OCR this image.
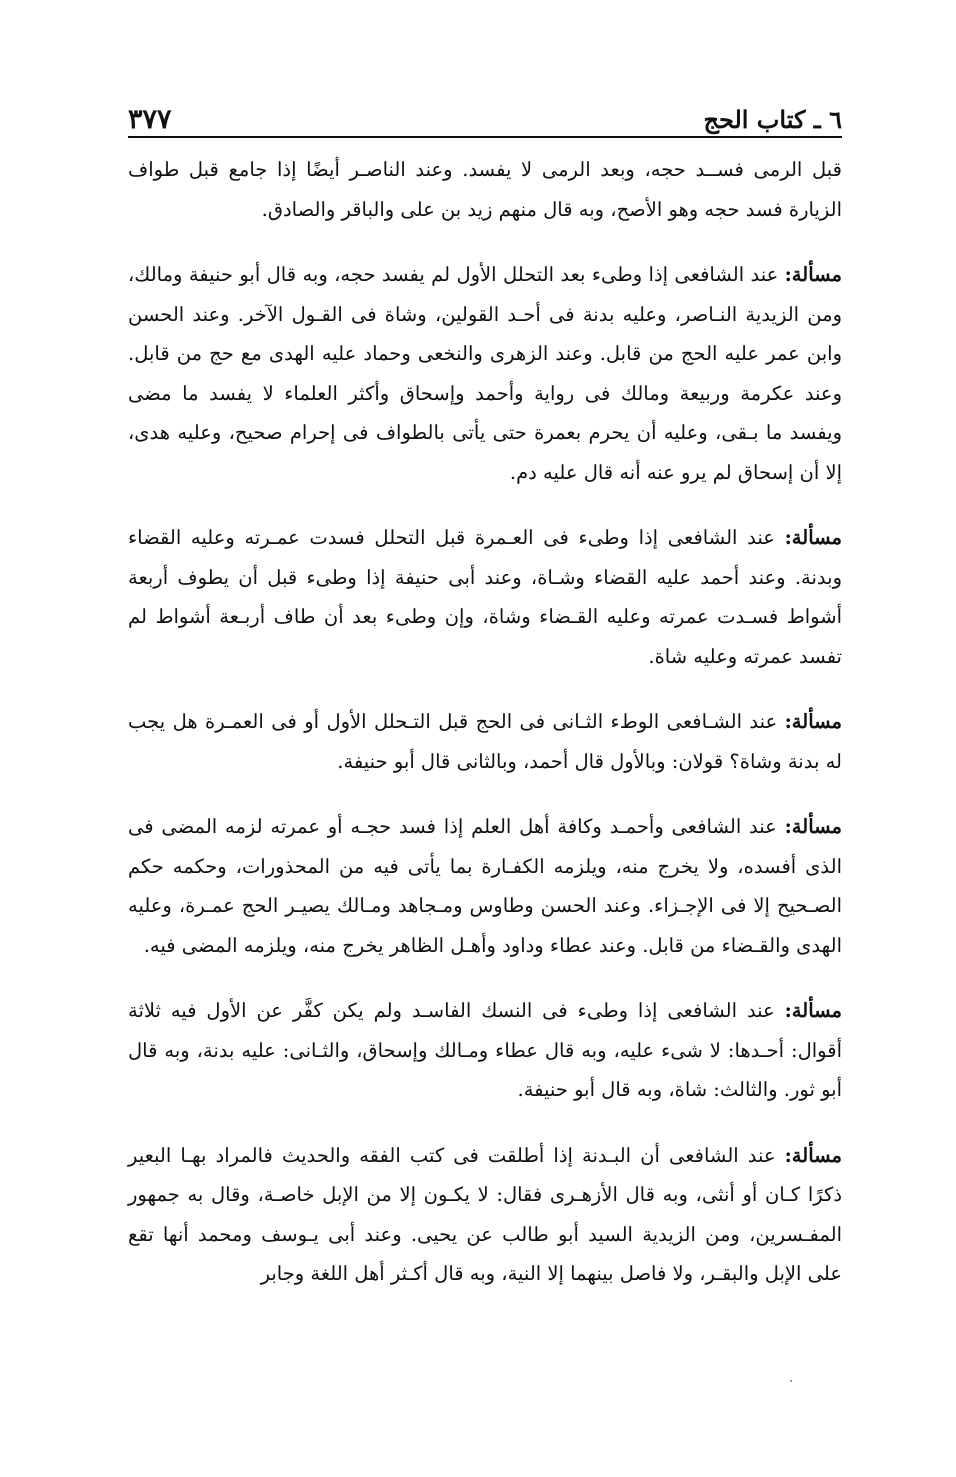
٦ ـ كتاب الحج
٣٧٧

قبل الرمى فســد حجه، وبعد الرمى لا يفسد. وعند الناصـر أيضًا إذا جامع قبل طواف الزيارة فسد حجه وهو الأصح، وبه قال منهم زيد بن على والباقر والصادق.

مسألة: عند الشافعى إذا وطىء بعد التحلل الأول لم يفسد حجه، وبه قال أبو حنيفة ومالك، ومن الزيدية النـاصر، وعليه بدنة فى أحـد القولين، وشاة فى القـول الآخر. وعند الحسن وابن عمر عليه الحج من قابل. وعند الزهرى والنخعى وحماد عليه الهدى مع حج من قابل. وعند عكرمة وربيعة ومالك فى رواية وأحمد وإسحاق وأكثر العلماء لا يفسد ما مضى ويفسد ما بـقى، وعليه أن يحرم بعمرة حتى يأتى بالطواف فى إحرام صحيح، وعليه هدى، إلا أن إسحاق لم يرو عنه أنه قال عليه دم.

مسألة: عند الشافعى إذا وطىء فى العـمرة قبل التحلل فسدت عمـرته وعليه القضاء وبدنة. وعند أحمد عليه القضاء وشـاة، وعند أبى حنيفة إذا وطىء قبل أن يطوف أربعة أشواط فسـدت عمرته وعليه القـضاء وشاة، وإن وطىء بعد أن طاف أربـعة أشواط لم تفسد عمرته وعليه شاة.

مسألة: عند الشـافعى الوطء الثـانى فى الحج قبل التـحلل الأول أو فى العمـرة هل يجب له بدنة وشاة؟ قولان: وبالأول قال أحمد، وبالثانى قال أبو حنيفة.

مسألة: عند الشافعى وأحمـد وكافة أهل العلم إذا فسد حجـه أو عمرته لزمه المضى فى الذى أفسده، ولا يخرج منه، ويلزمه الكفـارة بما يأتى فيه من المحذورات، وحكمه حكم الصـحيح إلا فى الإجـزاء. وعند الحسن وطاوس ومـجاهد ومـالك يصيـر الحج عمـرة، وعليه الهدى والقـضاء من قابل. وعند عطاء وداود وأهـل الظاهر يخرج منه، ويلزمه المضى فيه.

مسألة: عند الشافعى إذا وطىء فى النسك الفاسـد ولم يكن كفَّر عن الأول فيه ثلاثة أقوال: أحـدها: لا شىء عليه، وبه قال عطاء ومـالك وإسحاق، والثـانى: عليه بدنة، وبه قال أبو ثور. والثالث: شاة، وبه قال أبو حنيفة.

مسألة: عند الشافعى أن البـدنة إذا أطلقت فى كتب الفقه والحديث فالمراد بهـا البعير ذكرًا كـان أو أنثى، وبه قال الأزهـرى فقال: لا يكـون إلا من الإبل خاصـة، وقال به جمهور المفـسرين، ومن الزيدية السيد أبو طالب عن يحيى. وعند أبى يـوسف ومحمد أنها تقع على الإبل والبقـر، ولا فاصل بينهما إلا النية، وبه قال أكـثر أهل اللغة وجابر
